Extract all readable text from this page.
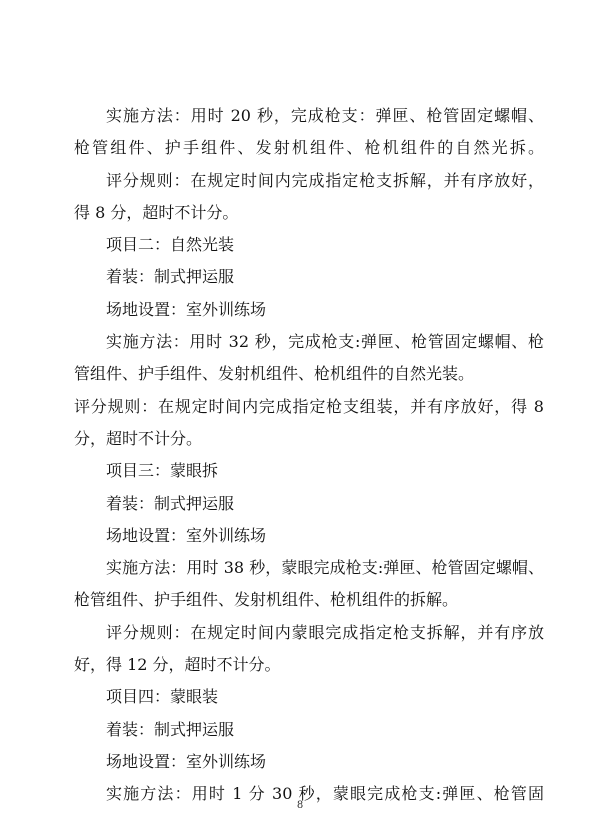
实施方法：用时 20 秒，完成枪支：弹匣、枪管固定螺帽、
枪管组件、护手组件、发射机组件、枪机组件的自然光拆。
评分规则：在规定时间内完成指定枪支拆解，并有序放好，
得 8 分，超时不计分。
项目二：自然光装
着装：制式押运服
场地设置：室外训练场
实施方法：用时 32 秒，完成枪支:弹匣、枪管固定螺帽、枪
管组件、护手组件、发射机组件、枪机组件的自然光装。
评分规则：在规定时间内完成指定枪支组装，并有序放好，得 8
分，超时不计分。
项目三：蒙眼拆
着装：制式押运服
场地设置：室外训练场
实施方法：用时 38 秒，蒙眼完成枪支:弹匣、枪管固定螺帽、
枪管组件、护手组件、发射机组件、枪机组件的拆解。
评分规则：在规定时间内蒙眼完成指定枪支拆解，并有序放
好，得 12 分，超时不计分。
项目四：蒙眼装
着装：制式押运服
场地设置：室外训练场
实施方法：用时 1 分 30 秒，蒙眼完成枪支:弹匣、枪管固
8
